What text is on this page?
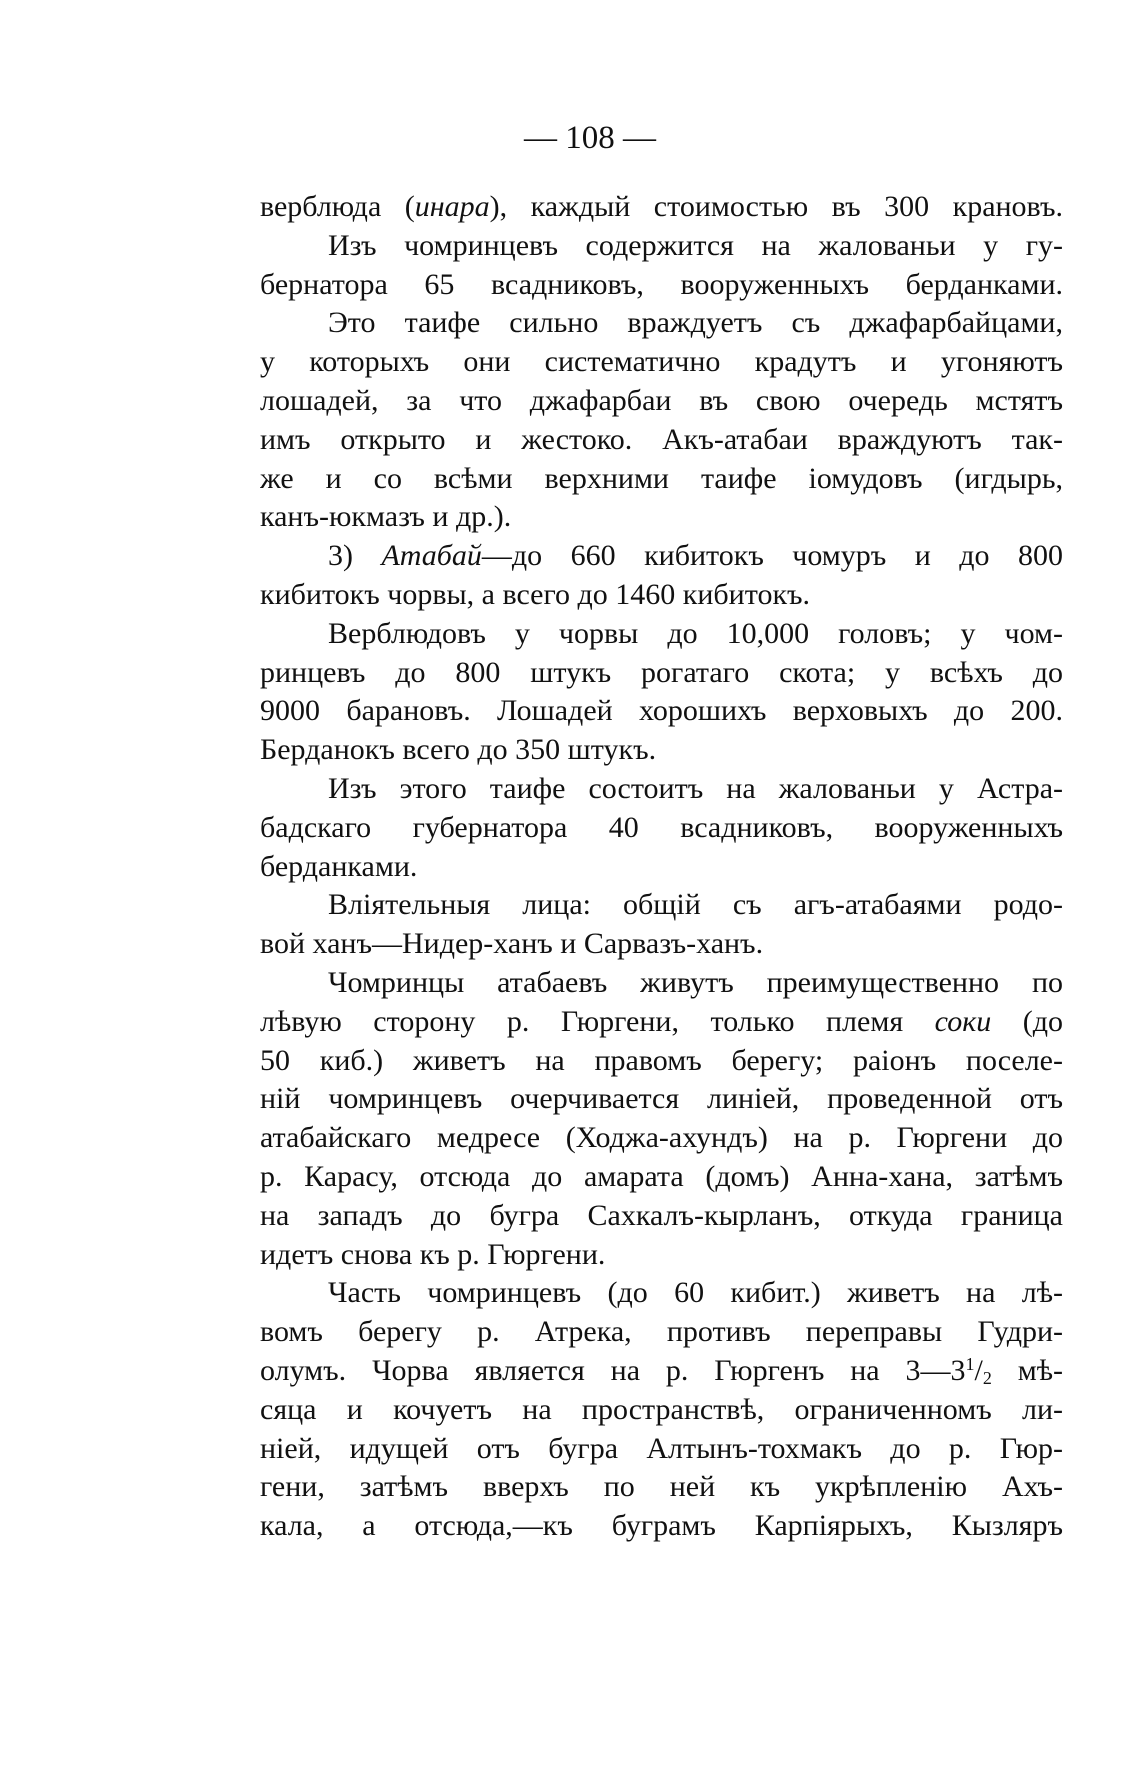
— 108 —
верблюда (инара), каждый стоимостью въ 300 крановъ.
Изъ чомринцевъ содержится на жалованьи у гу-
бернатора 65 всадниковъ, вооруженныхъ берданками.
Это таифе сильно враждуетъ съ джафарбайцами,
у которыхъ они систематично крадутъ и угоняютъ
лошадей, за что джафарбаи въ свою очередь мстятъ
имъ открыто и жестоко. Акъ-атабаи враждуютъ так-
же и со всѣми верхними таифе іомудовъ (игдырь,
канъ-юкмазъ и др.).
3) Атабай—до 660 кибитокъ чомуръ и до 800
кибитокъ чорвы, а всего до 1460 кибитокъ.
Верблюдовъ у чорвы до 10,000 головъ; у чом-
ринцевъ до 800 штукъ рогатаго скота; у всѣхъ до
9000 барановъ. Лошадей хорошихъ верховыхъ до 200.
Берданокъ всего до 350 штукъ.
Изъ этого таифе состоитъ на жалованьи у Астра-
бадскаго губернатора 40 всадниковъ, вооруженныхъ
берданками.
Вліятельныя лица: общій съ агъ-атабаями родо-
вой ханъ—Нидер-ханъ и Сарвазъ-ханъ.
Чомринцы атабаевъ живутъ преимущественно по
лѣвую сторону р. Гюргени, только племя соки (до
50 киб.) живетъ на правомъ берегу; раіонъ поселе-
ній чомринцевъ очерчивается линіей, проведенной отъ
атабайскаго медресе (Ходжа-ахундъ) на р. Гюргени до
р. Карасу, отсюда до амарата (домъ) Анна-хана, затѣмъ
на западъ до бугра Сахкалъ-кырланъ, откуда граница
идетъ снова къ р. Гюргени.
Часть чомринцевъ (до 60 кибит.) живетъ на лѣ-
вомъ берегу р. Атрека, противъ переправы Гудри-
олумъ. Чорва является на р. Гюргенъ на $3—3^1/_2$ мѣ-
сяца и кочуетъ на пространствѣ, ограниченномъ ли-
ніей, идущей отъ бугра Алтынъ-тохмакъ до р. Гюр-
гени, затѣмъ вверхъ по ней къ укрѣпленію Ахъ-
кала, а отсюда,—къ буграмъ Карпіярыхъ, Кызляръ
